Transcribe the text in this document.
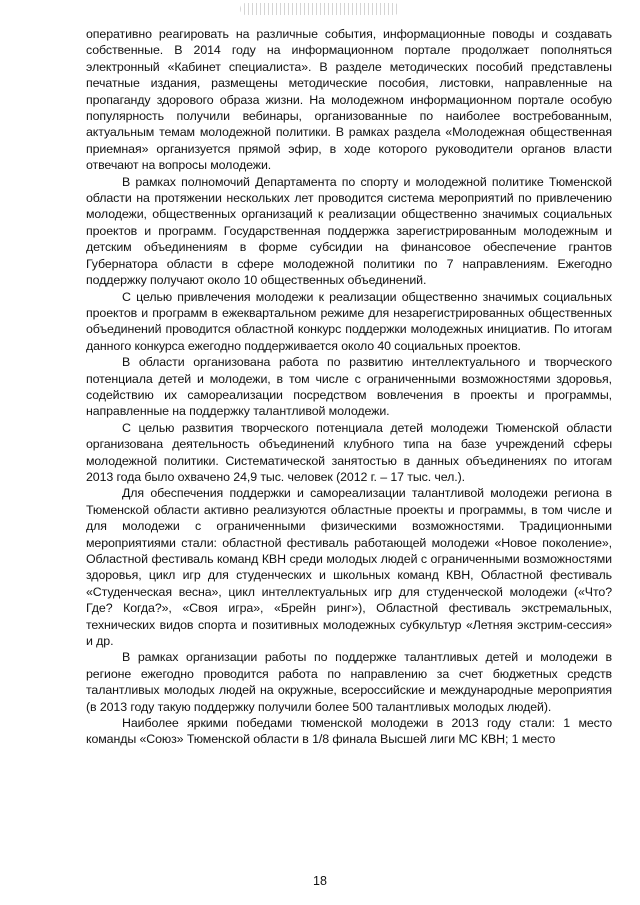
оперативно реагировать на различные события, информационные поводы и создавать собственные. В 2014 году на информационном портале продолжает пополняться электронный «Кабинет специалиста». В разделе методических пособий представлены печатные издания, размещены методические пособия, листовки, направленные на пропаганду здорового образа жизни. На молодежном информационном портале особую популярность получили вебинары, организованные по наиболее востребованным, актуальным темам молодежной политики. В рамках раздела «Молодежная общественная приемная» организуется прямой эфир, в ходе которого руководители органов власти отвечают на вопросы молодежи.

В рамках полномочий Департамента по спорту и молодежной политике Тюменской области на протяжении нескольких лет проводится система мероприятий по привлечению молодежи, общественных организаций к реализации общественно значимых социальных проектов и программ. Государственная поддержка зарегистрированным молодежным и детским объединениям в форме субсидии на финансовое обеспечение грантов Губернатора области в сфере молодежной политики по 7 направлениям. Ежегодно поддержку получают около 10 общественных объединений.

С целью привлечения молодежи к реализации общественно значимых социальных проектов и программ в ежеквартальном режиме для незарегистрированных общественных объединений проводится областной конкурс поддержки молодежных инициатив. По итогам данного конкурса ежегодно поддерживается около 40 социальных проектов.

В области организована работа по развитию интеллектуального и творческого потенциала детей и молодежи, в том числе с ограниченными возможностями здоровья, содействию их самореализации посредством вовлечения в проекты и программы, направленные на поддержку талантливой молодежи.

С целью развития творческого потенциала детей молодежи Тюменской области организована деятельность объединений клубного типа на базе учреждений сферы молодежной политики. Систематической занятостью в данных объединениях по итогам 2013 года было охвачено 24,9 тыс. человек (2012 г. – 17 тыс. чел.).

Для обеспечения поддержки и самореализации талантливой молодежи региона в Тюменской области активно реализуются областные проекты и программы, в том числе и для молодежи с ограниченными физическими возможностями. Традиционными мероприятиями стали: областной фестиваль работающей молодежи «Новое поколение», Областной фестиваль команд КВН среди молодых людей с ограниченными возможностями здоровья, цикл игр для студенческих и школьных команд КВН, Областной фестиваль «Студенческая весна», цикл интеллектуальных игр для студенческой молодежи («Что? Где? Когда?», «Своя игра», «Брейн ринг»), Областной фестиваль экстремальных, технических видов спорта и позитивных молодежных субкультур «Летняя экстрим-сессия» и др.

В рамках организации работы по поддержке талантливых детей и молодежи в регионе ежегодно проводится работа по направлению за счет бюджетных средств талантливых молодых людей на окружные, всероссийские и международные мероприятия (в 2013 году такую поддержку получили более 500 талантливых молодых людей).

Наиболее яркими победами тюменской молодежи в 2013 году стали: 1 место команды «Союз» Тюменской области в 1/8 финала Высшей лиги МС КВН; 1 место

18
